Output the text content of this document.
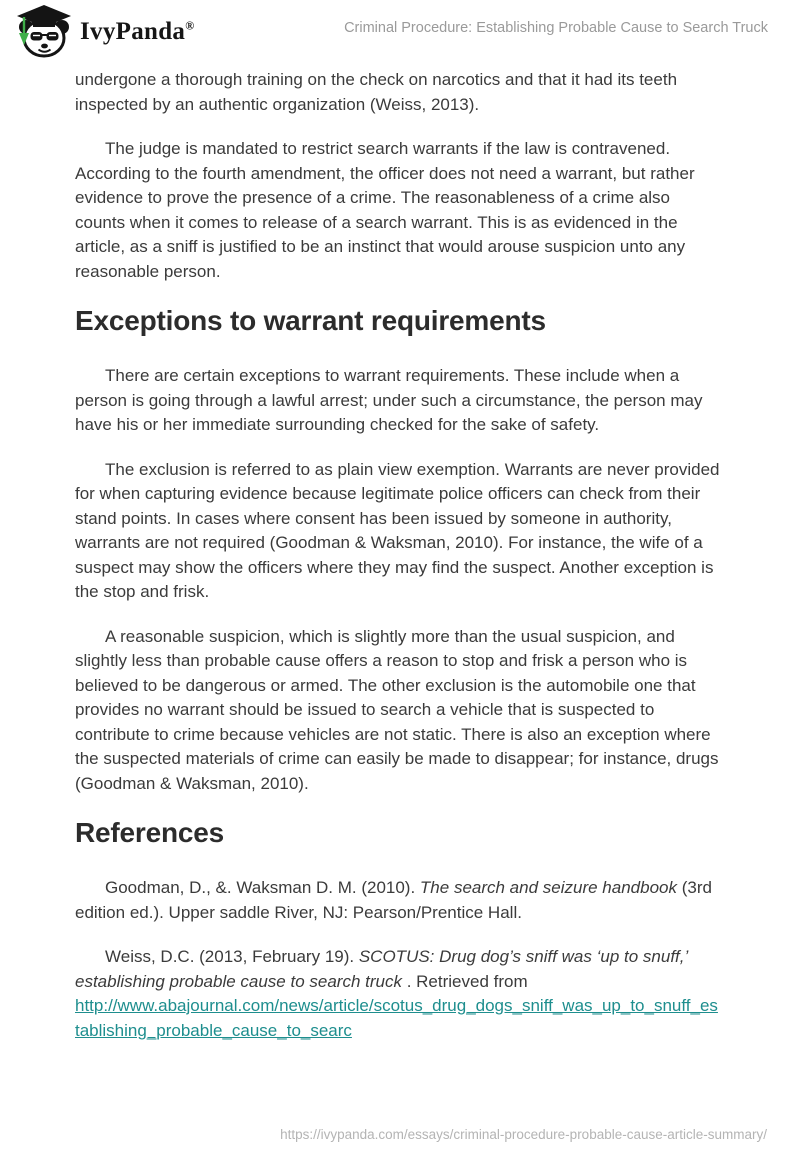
IvyPanda®	Criminal Procedure: Establishing Probable Cause to Search Truck

undergone a thorough training on the check on narcotics and that it had its teeth inspected by an authentic organization (Weiss, 2013).

The judge is mandated to restrict search warrants if the law is contravened. According to the fourth amendment, the officer does not need a warrant, but rather evidence to prove the presence of a crime. The reasonableness of a crime also counts when it comes to release of a search warrant. This is as evidenced in the article, as a sniff is justified to be an instinct that would arouse suspicion unto any reasonable person.

Exceptions to warrant requirements

There are certain exceptions to warrant requirements. These include when a person is going through a lawful arrest; under such a circumstance, the person may have his or her immediate surrounding checked for the sake of safety.

The exclusion is referred to as plain view exemption. Warrants are never provided for when capturing evidence because legitimate police officers can check from their stand points. In cases where consent has been issued by someone in authority, warrants are not required (Goodman & Waksman, 2010). For instance, the wife of a suspect may show the officers where they may find the suspect. Another exception is the stop and frisk.

A reasonable suspicion, which is slightly more than the usual suspicion, and slightly less than probable cause offers a reason to stop and frisk a person who is believed to be dangerous or armed. The other exclusion is the automobile one that provides no warrant should be issued to search a vehicle that is suspected to contribute to crime because vehicles are not static. There is also an exception where the suspected materials of crime can easily be made to disappear; for instance, drugs (Goodman & Waksman, 2010).

References

Goodman, D., &. Waksman D. M. (2010). The search and seizure handbook (3rd edition ed.). Upper saddle River, NJ: Pearson/Prentice Hall.

Weiss, D.C. (2013, February 19). SCOTUS: Drug dog’s sniff was ‘up to snuff,’ establishing probable cause to search truck . Retrieved from http://www.abajournal.com/news/article/scotus_drug_dogs_sniff_was_up_to_snuff_establishing_probable_cause_to_searc

https://ivypanda.com/essays/criminal-procedure-probable-cause-article-summary/
